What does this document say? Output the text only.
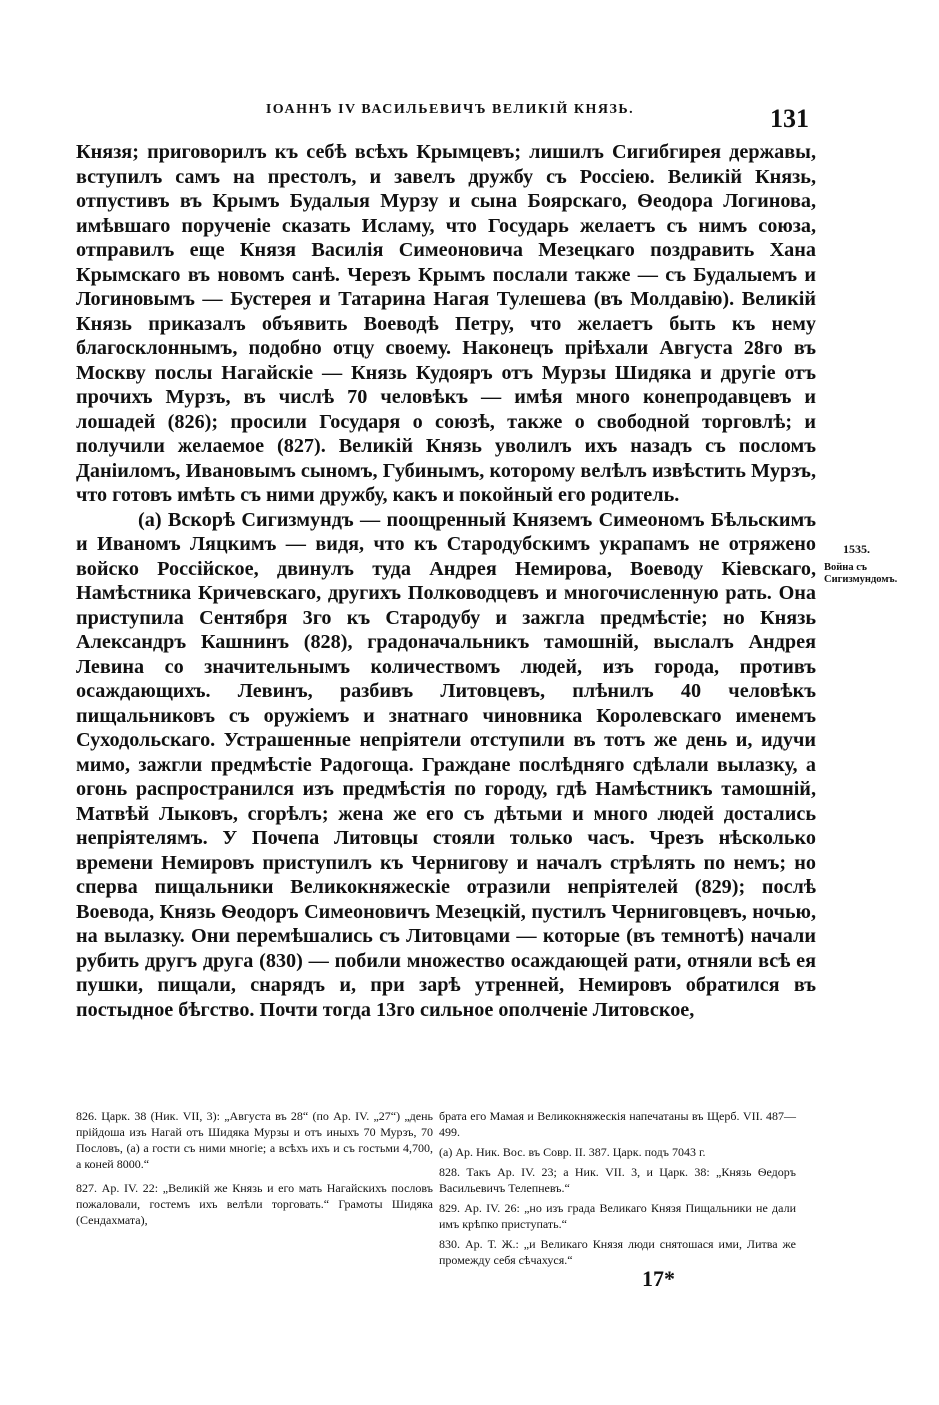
ІОАННЪ IV ВАСИЛЬЕВИЧЪ ВЕЛИКІЙ КНЯЗЬ.	131

Князя; приговорилъ къ себѣ всѣхъ Крымцевъ; лишилъ Сигибгирея державы, вступилъ самъ на престолъ, и завелъ дружбу съ Россіею. Великій Князь, отпустивъ въ Крымъ Будалыя Мурзу и сына Боярскаго, Ѳеодора Логинова, имѣвшаго порученіе сказать Исламу, что Государь желаетъ съ нимъ союза, отправилъ еще Князя Василія Симеоновича Мезецкаго поздравить Хана Крымскаго въ новомъ санѣ. Черезъ Крымъ послали также — съ Будалыемъ и Логиновымъ — Бустерея и Татарина Нагая Тулешева (въ Молдавію). Великій Князь приказалъ объявить Воеводѣ Петру, что желаетъ быть къ нему благосклоннымъ, подобно отцу своему. Наконецъ пріѣхали Августа 28го въ Москву послы Нагайскіе — Князь Кудояръ отъ Мурзы Шидяка и другіе отъ прочихъ Мурзъ, въ числѣ 70 человѣкъ — имѣя много конепродавцевъ и лошадей (826); просили Государя о союзѣ, также о свободной торговлѣ; и получили желаемое (827). Великій Князь уволилъ ихъ назадъ съ посломъ Даніиломъ, Ивановымъ сыномъ, Губинымъ, которому велѣлъ извѣстить Мурзъ, что готовъ имѣть съ ними дружбу, какъ и покойный его родитель.

(a) Вскорѣ Сигизмундъ — поощренный Княземъ Симеономъ Бѣльскимъ и Иваномъ Ляцкимъ — видя, что къ Стародубскимъ украпамъ не отряжено войско Россійское, двинулъ туда Андрея Немирова, Воеводу Кіевскаго, Намѣстника Кричевскаго, другихъ Полководцевъ и многочисленную рать. Она приступила Сентября 3го къ Стародубу и зажгла предмѣстіе; но Князь Александръ Кашнинъ (828), градоначальникъ тамошній, выслалъ Андрея Левина со значительнымъ количествомъ людей, изъ города, противъ осаждающихъ. Левинъ, разбивъ Литовцевъ, плѣнилъ 40 человѣкъ пищальниковъ съ оружіемъ и знатнаго чиновника Королевскаго именемъ Суходольскаго. Устрашенные непріятели отступили въ тотъ же день и, идучи мимо, зажгли предмѣстіе Радогоща. Граждане послѣдняго сдѣлали вылазку, а огонь распространился изъ предмѣстія по городу, гдѣ Намѣстникъ тамошній, Матвѣй Лыковъ, сгорѣлъ; жена же его съ дѣтьми и много людей достались непріятелямъ. У Почепа Литовцы стояли только часъ. Чрезъ нѣсколько времени Немировъ приступилъ къ Чернигову и началъ стрѣлять по немъ; но сперва пищальники Великокняжескіе отразили непріятелей (829); послѣ Воевода, Князь Ѳеодоръ Симеоновичъ Мезецкій, пустилъ Черниговцевъ, ночью, на вылазку. Они перемѣшались съ Литовцами — которые (въ темнотѣ) начали рубить другъ друга (830) — побили множество осаждающей рати, отняли всѣ ея пушки, пищали, снарядъ и, при зарѣ утренней, Немировъ обратился въ постыдное бѣгство. Почти тогда 13го сильное ополченіе Литовское,

1535.
Война съ Сигизмундомъ.

826. Царк. 38 (Ник. VII, 3): „Августа въ 28“ (по Ар. IV. „27“) „день прійдоша изъ Нагай отъ Шидяка Мурзы и отъ иныхъ 70 Мурзъ, 70 Пословъ, (a) а гости съ ними многіе; а всѣхъ ихъ и съ гостьми 4,700, а коней 8000.“

827. Ар. IV. 22: „Великій же Князь и его мать Нагайскихъ пословъ пожаловали, гостемъ ихъ велѣли торговать.“ Грамоты Шидяка (Сендахмата),

брата его Мамая и Великокняжескія напечатаны въ Щерб. VII. 487—499.

(a) Ар. Ник. Вос. въ Совр. II. 387. Царк. подъ 7043 г.

828. Такъ Ар. IV. 23; а Ник. VII. 3, и Царк. 38: „Князь Ѳедоръ Васильевичъ Телепневъ.“

829. Ар. IV. 26: „но изъ града Великаго Князя Пищальники не дали имъ крѣпко приступать.“

830. Ар. Т. Ж.: „и Великаго Князя люди снятошася ими, Литва же промежду себя сѣчахуся.“

17*
